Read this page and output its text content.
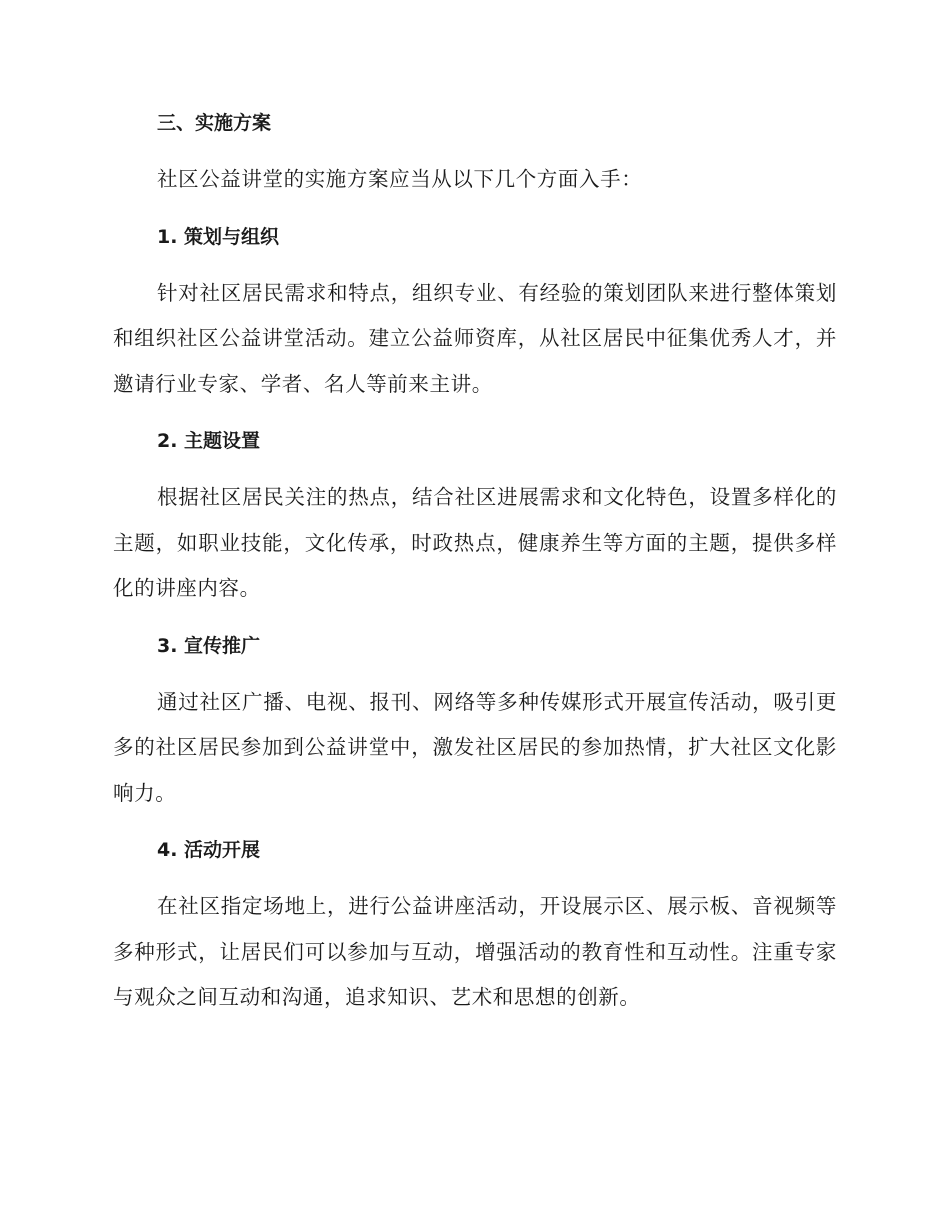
三、实施方案

社区公益讲堂的实施方案应当从以下几个方面入手：

1. 策划与组织

针对社区居民需求和特点，组织专业、有经验的策划团队来进行整体策划和组织社区公益讲堂活动。建立公益师资库，从社区居民中征集优秀人才，并邀请行业专家、学者、名人等前来主讲。

2. 主题设置

根据社区居民关注的热点，结合社区进展需求和文化特色，设置多样化的主题，如职业技能，文化传承，时政热点，健康养生等方面的主题，提供多样化的讲座内容。

3. 宣传推广

通过社区广播、电视、报刊、网络等多种传媒形式开展宣传活动，吸引更多的社区居民参加到公益讲堂中，激发社区居民的参加热情，扩大社区文化影响力。

4. 活动开展

在社区指定场地上，进行公益讲座活动，开设展示区、展示板、音视频等多种形式，让居民们可以参加与互动，增强活动的教育性和互动性。注重专家与观众之间互动和沟通，追求知识、艺术和思想的创新。
